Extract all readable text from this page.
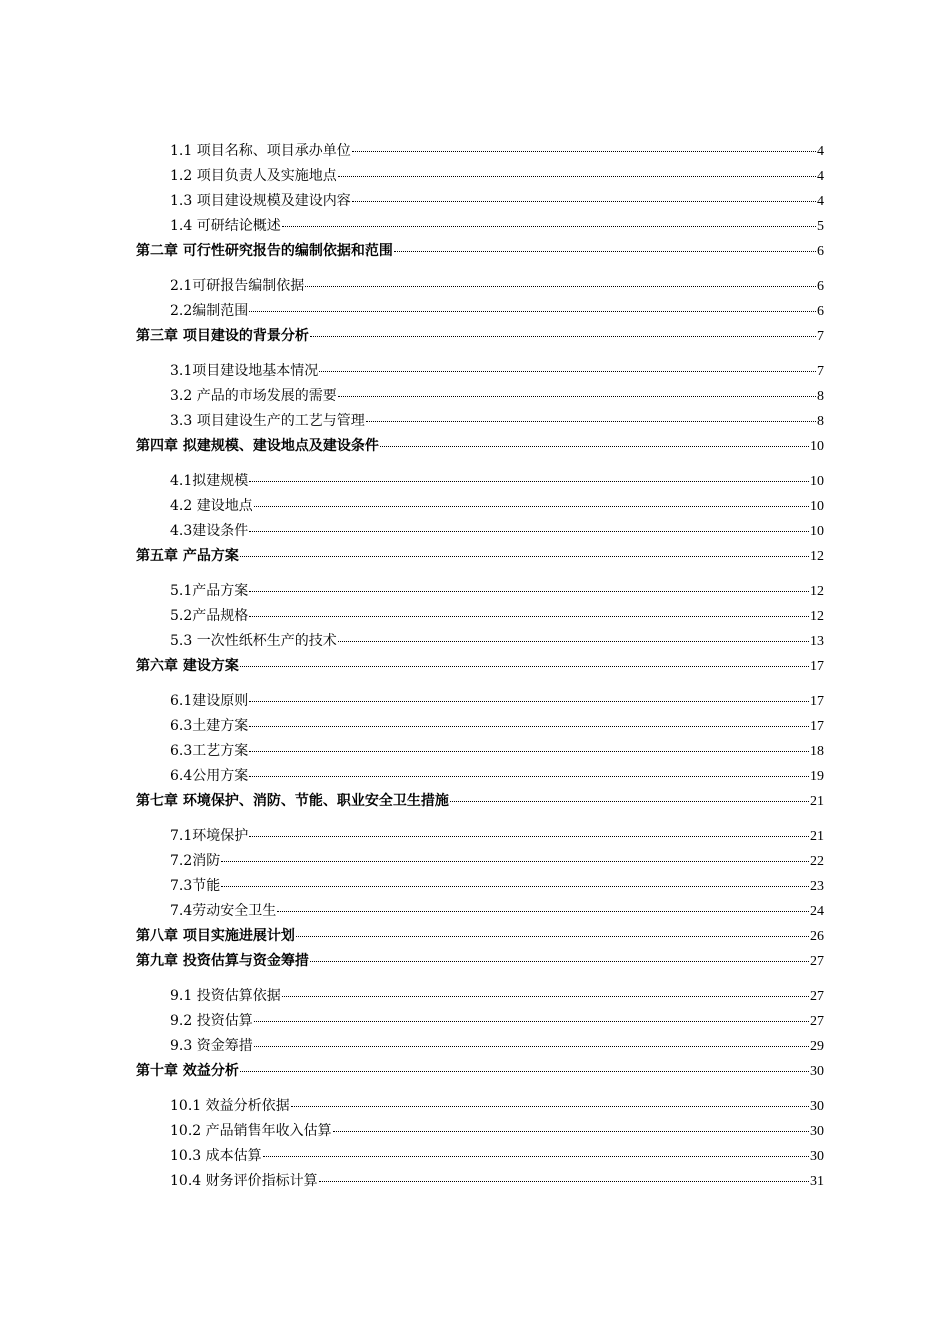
1.1 项目名称、项目承办单位	4
1.2 项目负责人及实施地点	4
1.3 项目建设规模及建设内容	4
1.4 可研结论概述	5
第二章 可行性研究报告的编制依据和范围	6
2.1可研报告编制依据	6
2.2编制范围	6
第三章 项目建设的背景分析	7
3.1项目建设地基本情况	7
3.2 产品的市场发展的需要	8
3.3 项目建设生产的工艺与管理	8
第四章 拟建规模、建设地点及建设条件	10
4.1拟建规模	10
4.2 建设地点	10
4.3建设条件	10
第五章 产品方案	12
5.1产品方案	12
5.2产品规格	12
5.3 一次性纸杯生产的技术	13
第六章 建设方案	17
6.1建设原则	17
6.3土建方案	17
6.3工艺方案	18
6.4公用方案	19
第七章 环境保护、消防、节能、职业安全卫生措施	21
7.1环境保护	21
7.2消防	22
7.3节能	23
7.4劳动安全卫生	24
第八章 项目实施进展计划	26
第九章 投资估算与资金筹措	27
9.1 投资估算依据	27
9.2 投资估算	27
9.3 资金筹措	29
第十章 效益分析	30
10.1 效益分析依据	30
10.2 产品销售年收入估算	30
10.3 成本估算	30
10.4 财务评价指标计算	31
